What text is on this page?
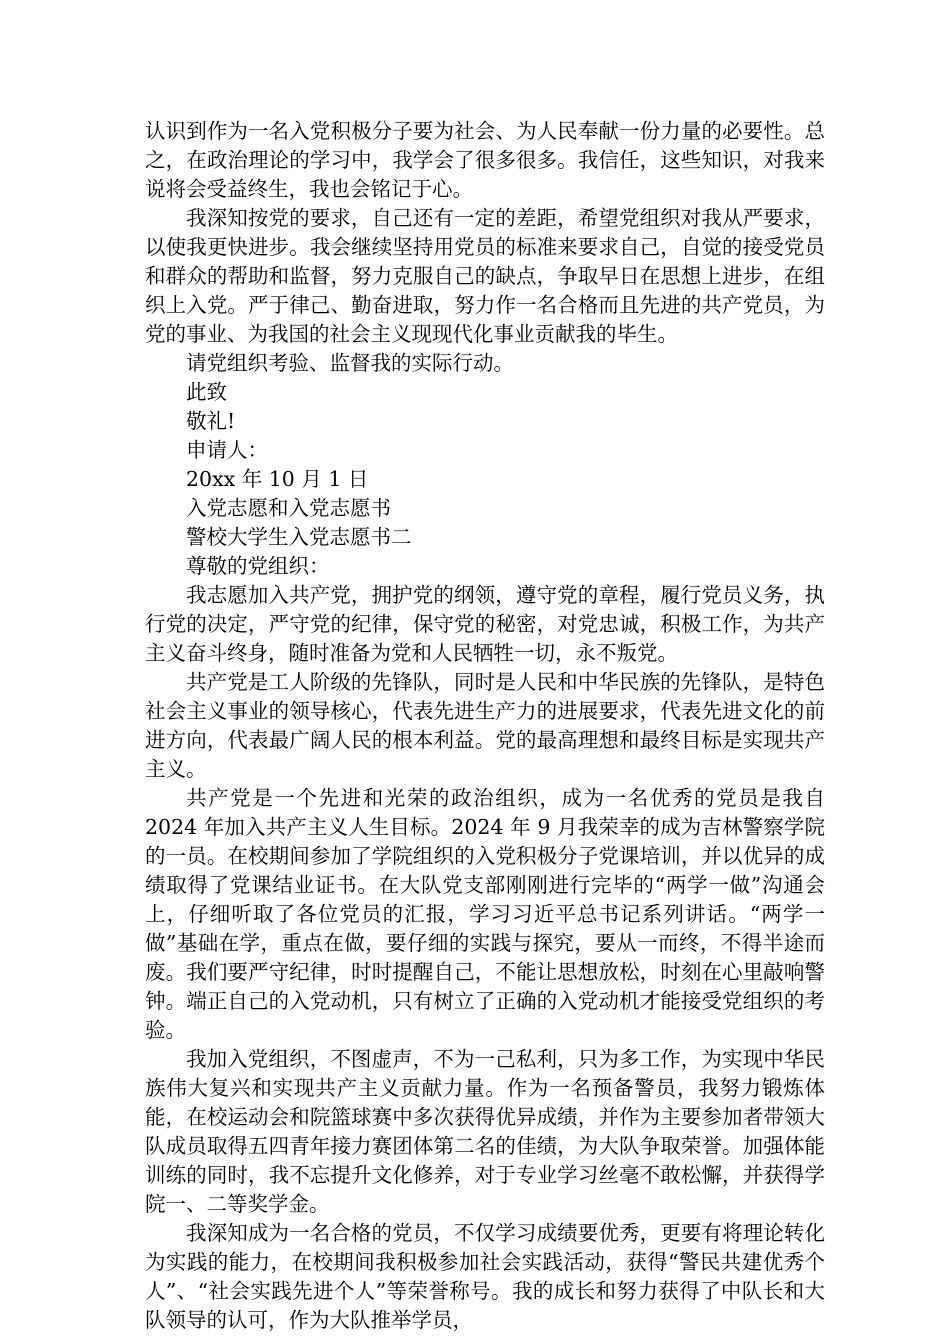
认识到作为一名入党积极分子要为社会、为人民奉献一份力量的必要性。总之，在政治理论的学习中，我学会了很多很多。我信任，这些知识，对我来说将会受益终生，我也会铭记于心。

我深知按党的要求，自己还有一定的差距，希望党组织对我从严要求，以使我更快进步。我会继续坚持用党员的标准来要求自己，自觉的接受党员和群众的帮助和监督，努力克服自己的缺点，争取早日在思想上进步，在组织上入党。严于律己、勤奋进取，努力作一名合格而且先进的共产党员，为党的事业、为我国的社会主义现现代化事业贡献我的毕生。

请党组织考验、监督我的实际行动。

此致

敬礼!

申请人：

20xx 年 10 月 1 日

入党志愿和入党志愿书

警校大学生入党志愿书二

尊敬的党组织：

我志愿加入共产党，拥护党的纲领，遵守党的章程，履行党员义务，执行党的决定，严守党的纪律，保守党的秘密，对党忠诚，积极工作，为共产主义奋斗终身，随时准备为党和人民牺牲一切，永不叛党。

共产党是工人阶级的先锋队，同时是人民和中华民族的先锋队，是特色社会主义事业的领导核心，代表先进生产力的进展要求，代表先进文化的前进方向，代表最广阔人民的根本利益。党的最高理想和最终目标是实现共产主义。

共产党是一个先进和光荣的政治组织，成为一名优秀的党员是我自 2024 年加入共产主义人生目标。2024 年 9 月我荣幸的成为吉林警察学院的一员。在校期间参加了学院组织的入党积极分子党课培训，并以优异的成绩取得了党课结业证书。在大队党支部刚刚进行完毕的“两学一做”沟通会上，仔细听取了各位党员的汇报，学习习近平总书记系列讲话。“两学一做”基础在学，重点在做，要仔细的实践与探究，要从一而终，不得半途而废。我们要严守纪律，时时提醒自己，不能让思想放松，时刻在心里敲响警钟。端正自己的入党动机，只有树立了正确的入党动机才能接受党组织的考验。

我加入党组织，不图虚声，不为一己私利，只为多工作，为实现中华民族伟大复兴和实现共产主义贡献力量。作为一名预备警员，我努力锻炼体能，在校运动会和院篮球赛中多次获得优异成绩，并作为主要参加者带领大队成员取得五四青年接力赛团体第二名的佳绩，为大队争取荣誉。加强体能训练的同时，我不忘提升文化修养，对于专业学习丝毫不敢松懈，并获得学院一、二等奖学金。

我深知成为一名合格的党员，不仅学习成绩要优秀，更要有将理论转化为实践的能力，在校期间我积极参加社会实践活动，获得“警民共建优秀个人”、“社会实践先进个人”等荣誉称号。我的成长和努力获得了中队长和大队领导的认可，作为大队推举学员，
